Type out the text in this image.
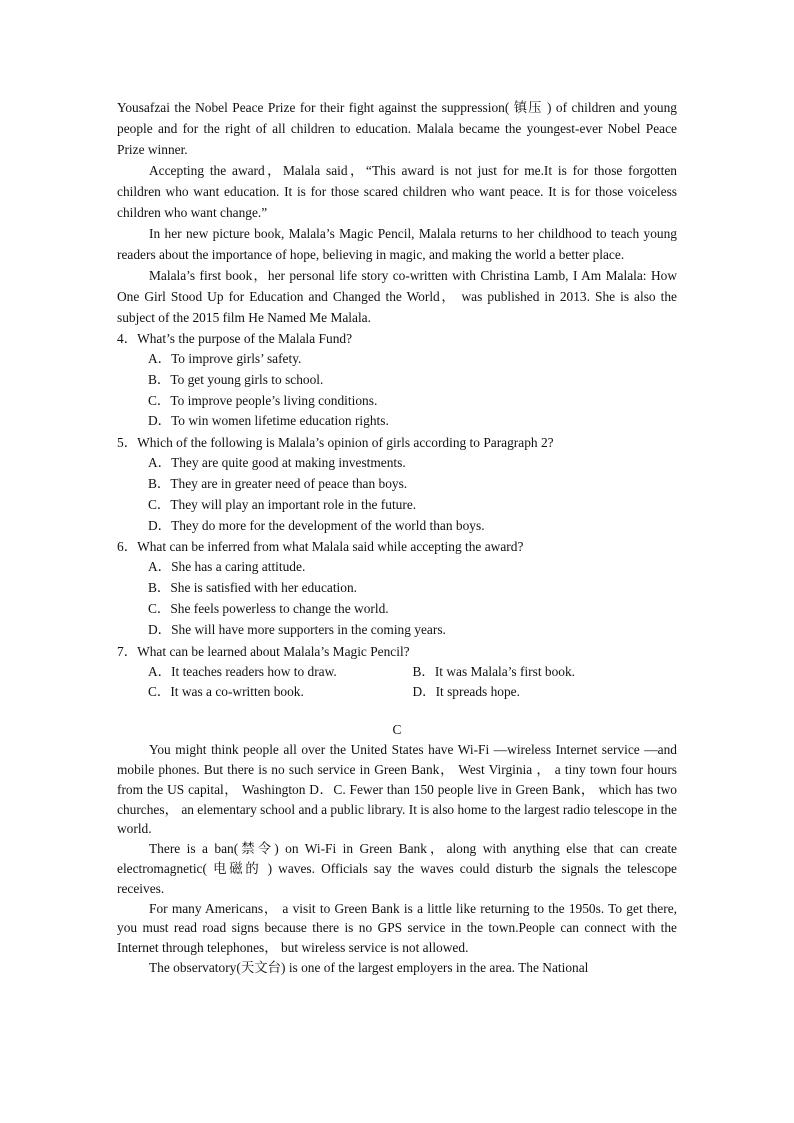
Yousafzai the Nobel Peace Prize for their fight against the suppression( 镇压 ) of children and young people and for the right of all children to education. Malala became the youngest-ever Nobel Peace Prize winner.

Accepting the award，Malala said，“This award is not just for me.It is for those forgotten children who want education. It is for those scared children who want peace. It is for those voiceless children who want change.”

In her new picture book, Malala’s Magic Pencil, Malala returns to her childhood to teach young readers about the importance of hope, believing in magic, and making the world a better place.

Malala’s first book，her personal life story co-written with Christina Lamb, I Am Malala: How One Girl Stood Up for Education and Changed the World， was published in 2013. She is also the subject of the 2015 film He Named Me Malala.

4．What’s the purpose of the Malala Fund?

A．To improve girls’ safety.

B．To get young girls to school.

C．To improve people’s living conditions.

D．To win women lifetime education rights.

5．Which of the following is Malala’s opinion of girls according to Paragraph 2?

A．They are quite good at making investments.

B．They are in greater need of peace than boys.

C．They will play an important role in the future.

D．They do more for the development of the world than boys.

6．What can be inferred from what Malala said while accepting the award?

A．She has a caring attitude.

B．She is satisfied with her education.

C．She feels powerless to change the world.

D．She will have more supporters in the coming years.

7．What can be learned about Malala’s Magic Pencil?

A．It teaches readers how to draw.	B．It was Malala’s first book.
C．It was a co-written book.	D．It spreads hope.
C

You might think people all over the United States have Wi-Fi —wireless Internet service —and mobile phones. But there is no such service in Green Bank， West Virginia ， a tiny town four hours from the US capital， Washington D．C. Fewer than 150 people live in Green Bank， which has two churches， an elementary school and a public library. It is also home to the largest radio telescope in the world.

There is a ban(禁令) on Wi-Fi in Green Bank，along with anything else that can create electromagnetic( 电磁的 ) waves. Officials say the waves could disturb the signals the telescope receives.

For many Americans， a visit to Green Bank is a little like returning to the 1950s. To get there, you must read road signs because there is no GPS service in the town.People can connect with the Internet through telephones， but wireless service is not allowed.

The observatory(天文台) is one of the largest employers in the area. The National
